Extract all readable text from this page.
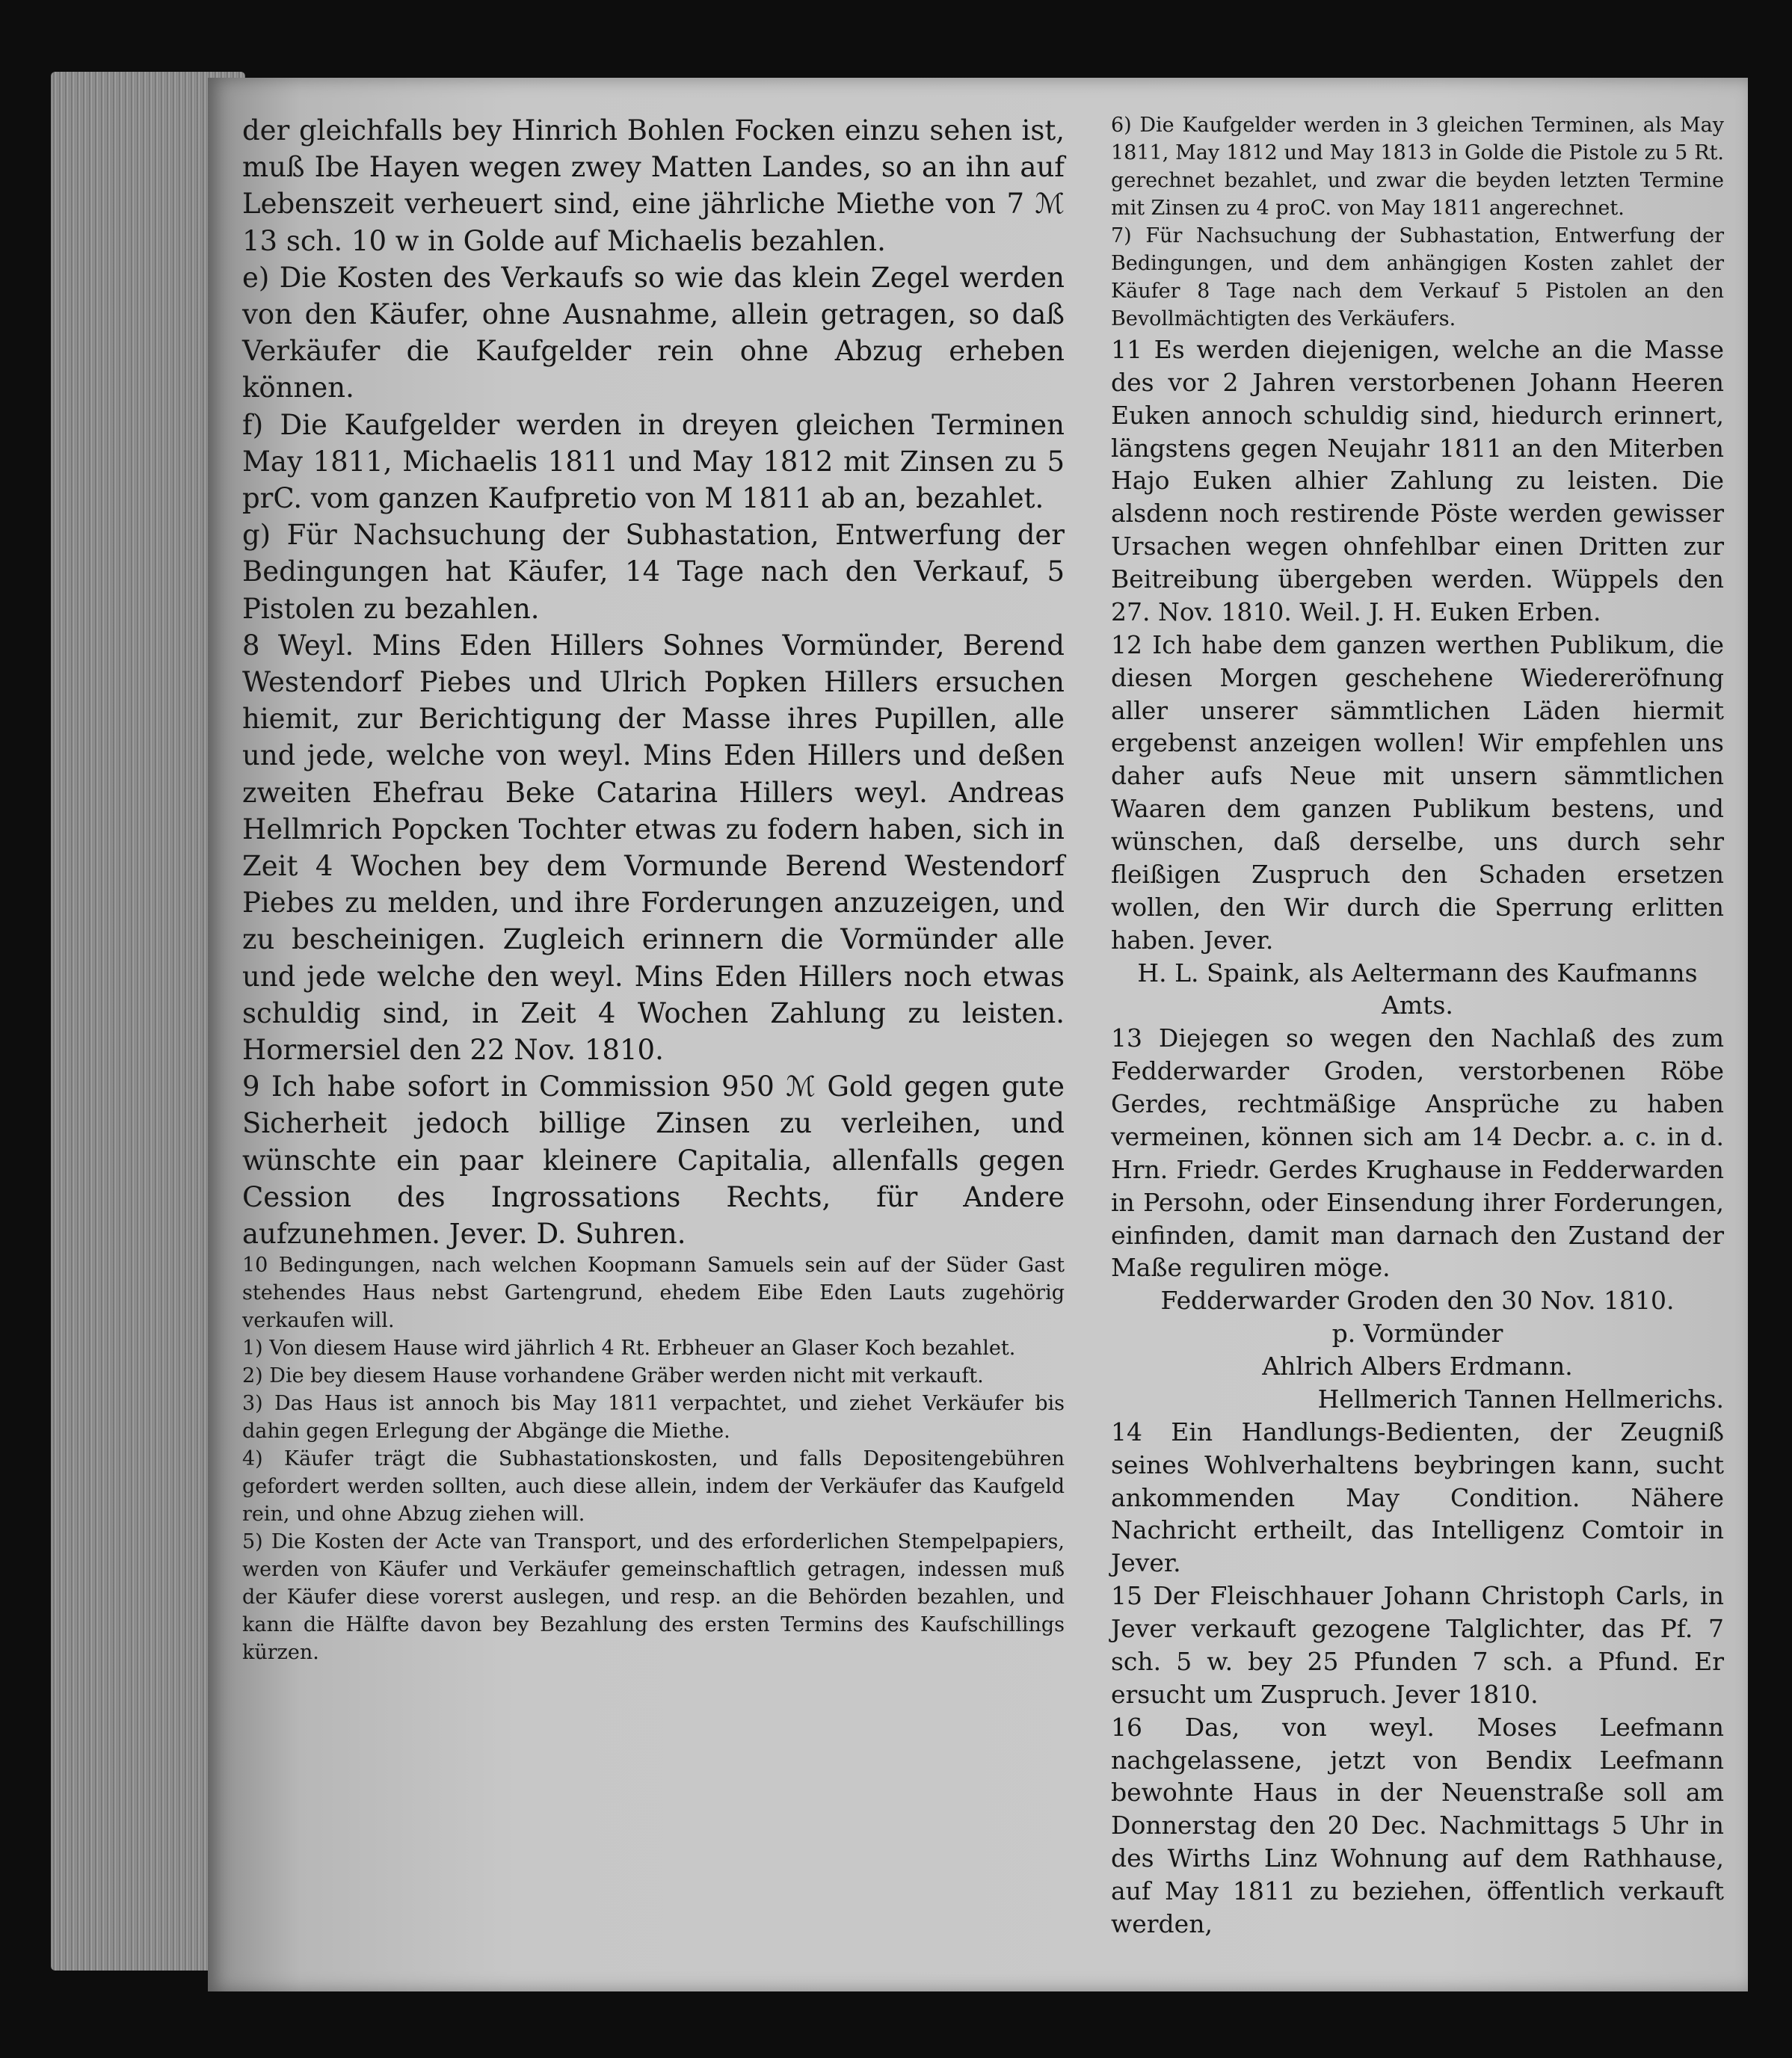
der gleichfalls bey Hinrich Bohlen Focken einzu sehen ist, muß Ibe Hayen wegen zwey Matten Landes, so an ihn auf Lebenszeit verheuert sind, eine jährliche Miethe von 7 ℳ 13 sch. 10 w in Golde auf Michaelis bezahlen.

e) Die Kosten des Verkaufs so wie das klein Zegel werden von den Käufer, ohne Ausnahme, allein getragen, so daß Verkäufer die Kaufgelder rein ohne Abzug erheben können.

f) Die Kaufgelder werden in dreyen gleichen Terminen May 1811, Michaelis 1811 und May 1812 mit Zinsen zu 5 prC. vom ganzen Kaufpretio von M 1811 ab an, bezahlet.

g) Für Nachsuchung der Subhastation, Entwerfung der Bedingungen hat Käufer, 14 Tage nach den Verkauf, 5 Pistolen zu bezahlen.

8 Weyl. Mins Eden Hillers Sohnes Vormünder, Berend Westendorf Piebes und Ulrich Popken Hillers ersuchen hiemit, zur Berichtigung der Masse ihres Pupillen, alle und jede, welche von weyl. Mins Eden Hillers und deßen zweiten Ehefrau Beke Catarina Hillers weyl. Andreas Hellmrich Popcken Tochter etwas zu fodern haben, sich in Zeit 4 Wochen bey dem Vormunde Berend Westendorf Piebes zu melden, und ihre Forderungen anzuzeigen, und zu bescheinigen. Zugleich erinnern die Vormünder alle und jede welche den weyl. Mins Eden Hillers noch etwas schuldig sind, in Zeit 4 Wochen Zahlung zu leisten. Hormersiel den 22 Nov. 1810.

9 Ich habe sofort in Commission 950 ℳ Gold gegen gute Sicherheit jedoch billige Zinsen zu verleihen, und wünschte ein paar kleinere Capitalia, allenfalls gegen Cession des Ingrossations Rechts, für Andere aufzunehmen. Jever. D. Suhren.

10 Bedingungen, nach welchen Koopmann Samuels sein auf der Süder Gast stehendes Haus nebst Gartengrund, ehedem Eibe Eden Lauts zugehörig verkaufen will.

1) Von diesem Hause wird jährlich 4 Rt. Erbheuer an Glaser Koch bezahlet.

2) Die bey diesem Hause vorhandene Gräber werden nicht mit verkauft.

3) Das Haus ist annoch bis May 1811 verpachtet, und ziehet Verkäufer bis dahin gegen Erlegung der Abgänge die Miethe.

4) Käufer trägt die Subhastationskosten, und falls Depositengebühren gefordert werden sollten, auch diese allein, indem der Verkäufer das Kaufgeld rein, und ohne Abzug ziehen will.

5) Die Kosten der Acte van Transport, und des erforderlichen Stempelpapiers, werden von Käufer und Verkäufer gemeinschaftlich getragen, indessen muß der Käufer diese vorerst auslegen, und resp. an die Behörden bezahlen, und kann die Hälfte davon bey Bezahlung des ersten Termins des Kaufschillings kürzen.

6) Die Kaufgelder werden in 3 gleichen Terminen, als May 1811, May 1812 und May 1813 in Golde die Pistole zu 5 Rt. gerechnet bezahlet, und zwar die beyden letzten Termine mit Zinsen zu 4 proC. von May 1811 angerechnet.

7) Für Nachsuchung der Subhastation, Entwerfung der Bedingungen, und dem anhängigen Kosten zahlet der Käufer 8 Tage nach dem Verkauf 5 Pistolen an den Bevollmächtigten des Verkäufers.

11 Es werden diejenigen, welche an die Masse des vor 2 Jahren verstorbenen Johann Heeren Euken annoch schuldig sind, hiedurch erinnert, längstens gegen Neujahr 1811 an den Miterben Hajo Euken alhier Zahlung zu leisten. Die alsdenn noch restirende Pöste werden gewisser Ursachen wegen ohnfehlbar einen Dritten zur Beitreibung übergeben werden. Wüppels den 27. Nov. 1810. Weil. J. H. Euken Erben.

12 Ich habe dem ganzen werthen Publikum, die diesen Morgen geschehene Wiedereröfnung aller unserer sämmtlichen Läden hiermit ergebenst anzeigen wollen! Wir empfehlen uns daher aufs Neue mit unsern sämmtlichen Waaren dem ganzen Publikum bestens, und wünschen, daß derselbe, uns durch sehr fleißigen Zuspruch den Schaden ersetzen wollen, den Wir durch die Sperrung erlitten haben. Jever.

H. L. Spaink, als Aeltermann des Kaufmanns Amts.

13 Diejegen so wegen den Nachlaß des zum Fedderwarder Groden, verstorbenen Röbe Gerdes, rechtmäßige Ansprüche zu haben vermeinen, können sich am 14 Decbr. a. c. in d. Hrn. Friedr. Gerdes Krughause in Fedderwarden in Persohn, oder Einsendung ihrer Forderungen, einfinden, damit man darnach den Zustand der Maße reguliren möge.

Fedderwarder Groden den 30 Nov. 1810.

p. Vormünder

Ahlrich Albers Erdmann.

Hellmerich Tannen Hellmerichs.

14 Ein Handlungs-Bedienten, der Zeugniß seines Wohlverhaltens beybringen kann, sucht ankommenden May Condition. Nähere Nachricht ertheilt, das Intelligenz Comtoir in Jever.

15 Der Fleischhauer Johann Christoph Carls, in Jever verkauft gezogene Talglichter, das Pf. 7 sch. 5 w. bey 25 Pfunden 7 sch. a Pfund. Er ersucht um Zuspruch. Jever 1810.

16 Das, von weyl. Moses Leefmann nachgelassene, jetzt von Bendix Leefmann bewohnte Haus in der Neuenstraße soll am Donnerstag den 20 Dec. Nachmittags 5 Uhr in des Wirths Linz Wohnung auf dem Rathhause, auf May 1811 zu beziehen, öffentlich verkauft werden,
